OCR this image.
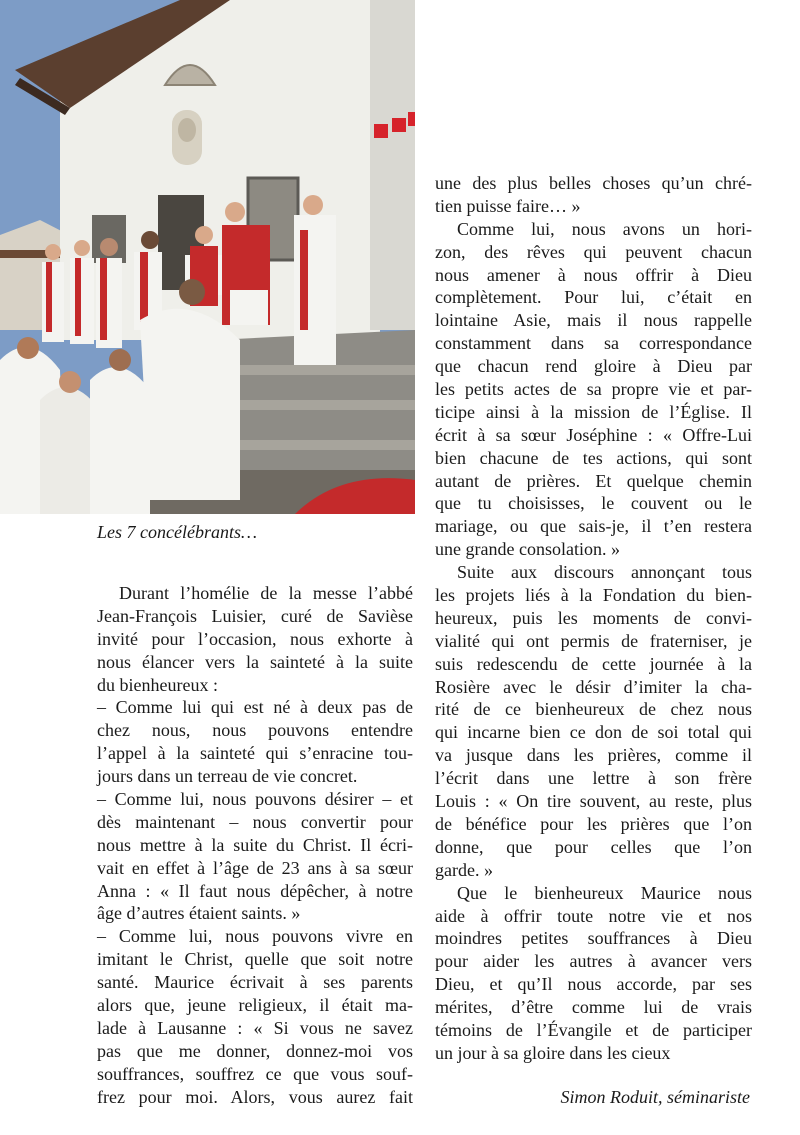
Les 7 concélébrants…
Durant l’homélie de la messe l’abbé
Jean-François Luisier, curé de Savièse
invité pour l’occasion, nous exhorte à
nous élancer vers la sainteté à la suite
du bienheureux :
– Comme lui qui est né à deux pas de
chez nous, nous pouvons entendre
l’appel à la sainteté qui s’enracine tou-
jours dans un terreau de vie concret.
– Comme lui, nous pouvons désirer – et
dès maintenant – nous convertir pour
nous mettre à la suite du Christ. Il écri-
vait en effet à l’âge de 23 ans à sa sœur
Anna : « Il faut nous dépêcher, à notre
âge d’autres étaient saints. »
– Comme lui, nous pouvons vivre en
imitant le Christ, quelle que soit notre
santé. Maurice écrivait à ses parents
alors que, jeune religieux, il était ma-
lade à Lausanne : « Si vous ne savez
pas que me donner, donnez-moi vos
souffrances, souffrez ce que vous souf-
frez pour moi. Alors, vous aurez fait
une des plus belles choses qu’un chré-
tien puisse faire… »
Comme lui, nous avons un hori-
zon, des rêves qui peuvent chacun
nous amener à nous offrir à Dieu
complètement. Pour lui, c’était en
lointaine Asie, mais il nous rappelle
constamment dans sa correspondance
que chacun rend gloire à Dieu par
les petits actes de sa propre vie et par-
ticipe ainsi à la mission de l’Église. Il
écrit à sa sœur Joséphine : « Offre-Lui
bien chacune de tes actions, qui sont
autant de prières. Et quelque chemin
que tu choisisses, le couvent ou le
mariage, ou que sais-je, il t’en restera
une grande consolation. »
Suite aux discours annonçant tous
les projets liés à la Fondation du bien-
heureux, puis les moments de convi-
vialité qui ont permis de fraterniser, je
suis redescendu de cette journée à la
Rosière avec le désir d’imiter la cha-
rité de ce bienheureux de chez nous
qui incarne bien ce don de soi total qui
va jusque dans les prières, comme il
l’écrit dans une lettre à son frère
Louis : « On tire souvent, au reste, plus
de bénéfice pour les prières que l’on
donne, que pour celles que l’on
garde. »
Que le bienheureux Maurice nous
aide à offrir toute notre vie et nos
moindres petites souffrances à Dieu
pour aider les autres à avancer vers
Dieu, et qu’Il nous accorde, par ses
mérites, d’être comme lui de vrais
témoins de l’Évangile et de participer
un jour à sa gloire dans les cieux
Simon Roduit, séminariste
